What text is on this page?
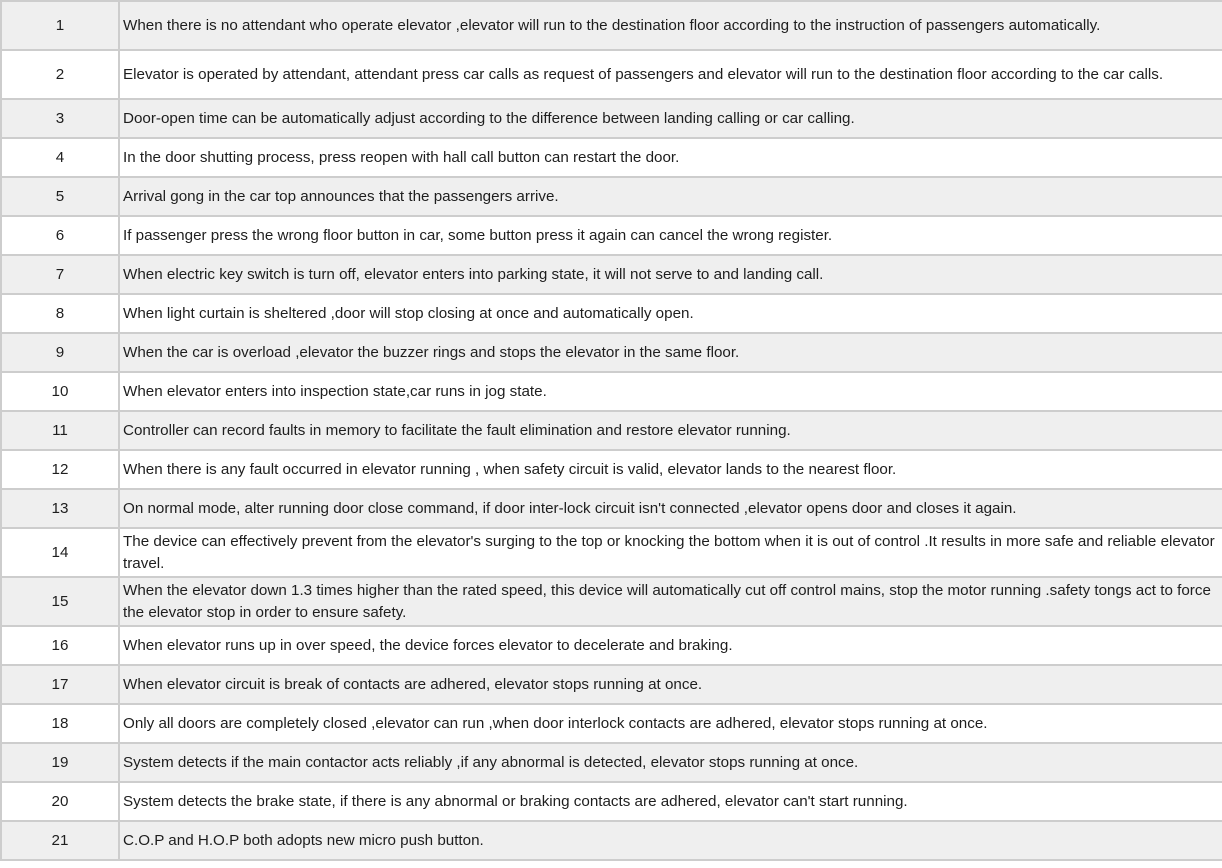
1	When there is no attendant who operate elevator ,elevator will run to the destination floor according to the instruction of passengers automatically.
2	Elevator is operated by attendant, attendant press car calls as request of passengers and elevator will run to the destination floor according to the car calls.
3	Door-open time can be automatically adjust according to the difference between landing calling or car calling.
4	In the door shutting process, press reopen with hall call button can restart the door.
5	Arrival gong in the car top announces that the passengers arrive.
6	If passenger press the wrong floor button in car, some button press it again can cancel the wrong register.
7	When electric key switch is turn off, elevator enters into parking state, it will not serve to and landing call.
8	When light curtain is sheltered ,door will stop closing at once and automatically open.
9	When the car is overload ,elevator the buzzer rings and stops the elevator in the same floor.
10	When elevator enters into inspection state,car runs in jog state.
11	Controller can record faults in memory to facilitate the fault elimination and restore elevator running.
12	When there is any fault occurred in elevator running , when safety circuit is valid, elevator lands to the nearest floor.
13	On normal mode, alter running door close command, if door inter-lock circuit isn't connected ,elevator opens door and closes it again.
14	The device can effectively prevent from the elevator's surging to the top or knocking the bottom when it is out of control .It results in more safe and reliable elevator travel.
15	When the elevator down 1.3 times higher than the rated speed, this device will automatically cut off control mains, stop the motor running .safety tongs act to force the elevator stop in order to ensure safety.
16	When elevator runs up in over speed, the device forces elevator to decelerate and braking.
17	When elevator circuit is break of contacts are adhered, elevator stops running at once.
18	Only all doors are completely closed ,elevator can run ,when door interlock contacts are adhered, elevator stops running at once.
19	System detects if the main contactor acts reliably ,if any abnormal is detected, elevator stops running at once.
20	System detects the brake state, if there is any abnormal or braking contacts are adhered, elevator can't start running.
21	C.O.P and H.O.P both adopts new micro push button.
